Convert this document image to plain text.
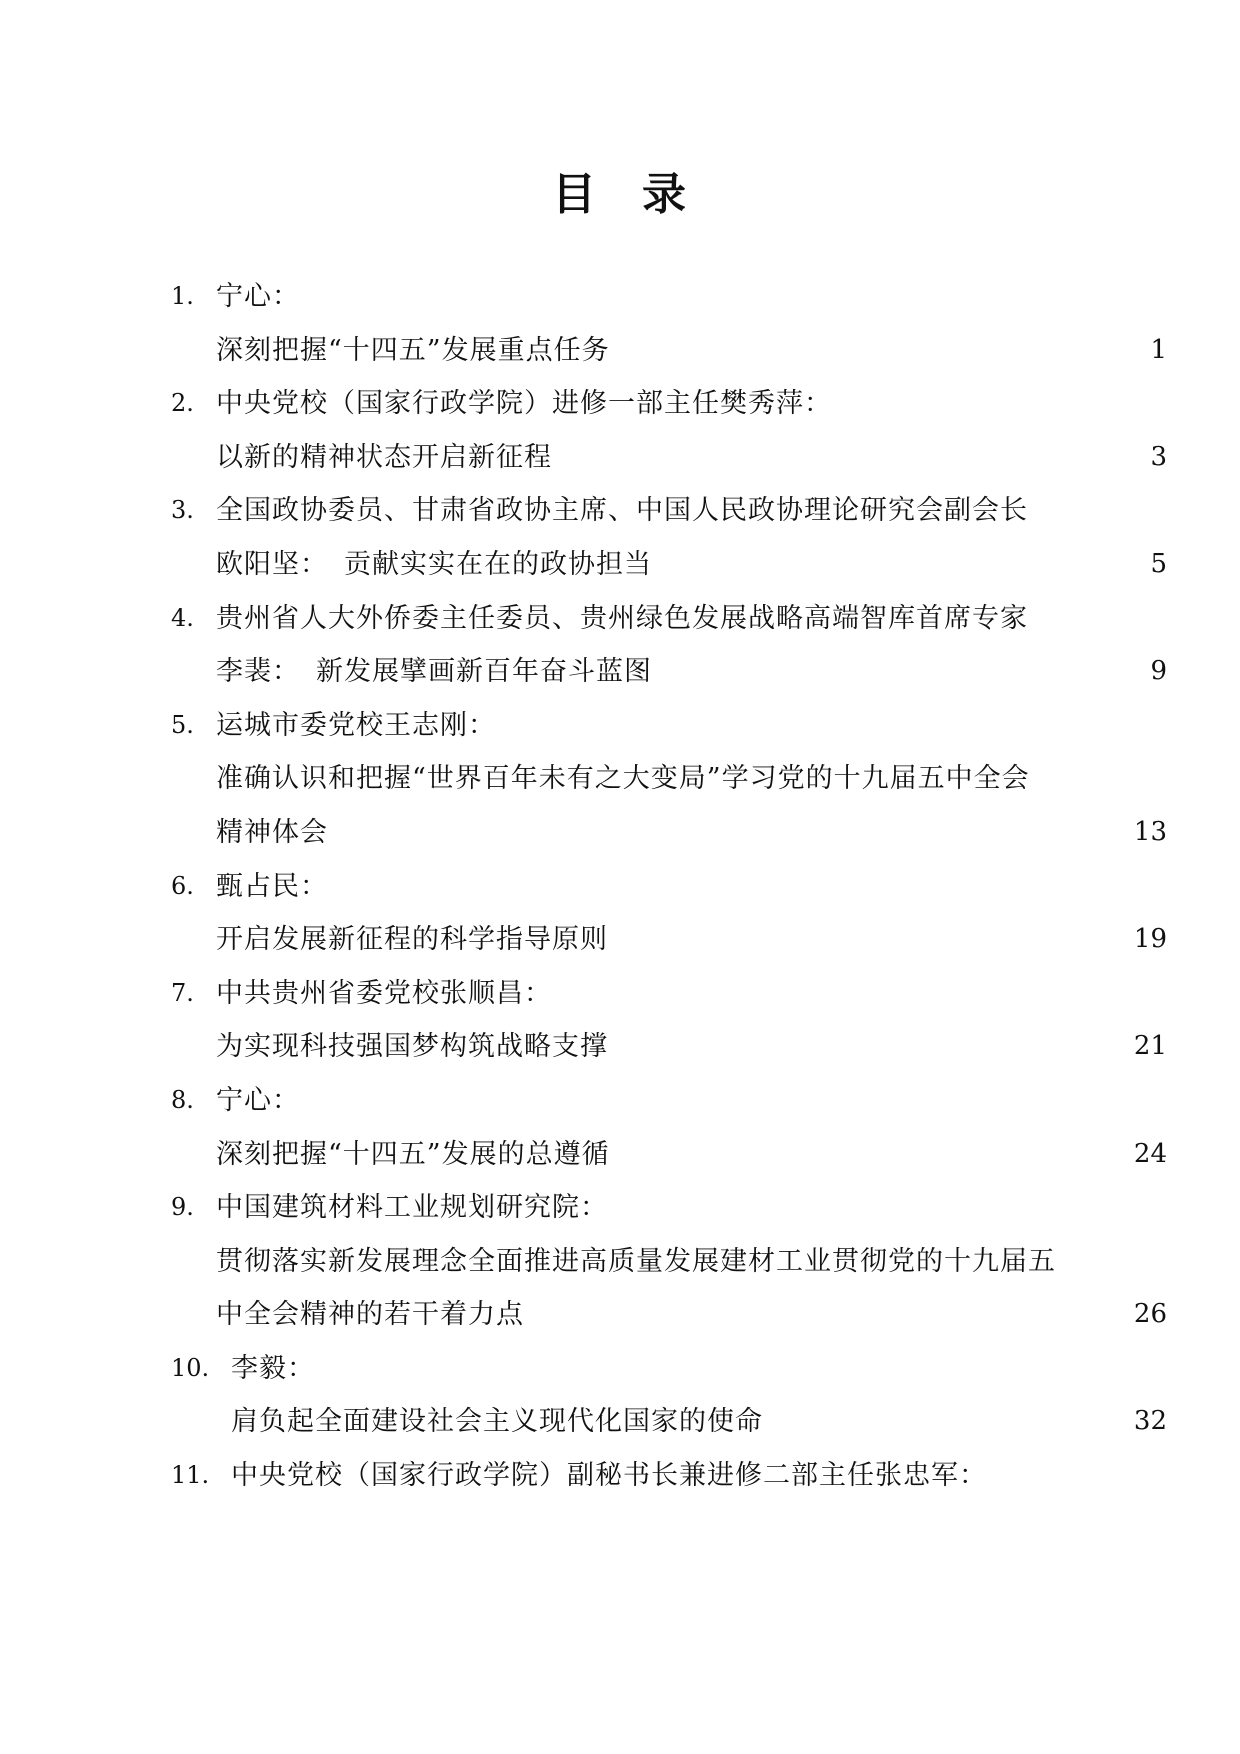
目 录
1. 宁心：
深刻把握“十四五”发展重点任务	1
2. 中央党校（国家行政学院）进修一部主任樊秀萍：
以新的精神状态开启新征程	3
3. 全国政协委员、甘肃省政协主席、中国人民政协理论研究会副会长
欧阳坚： 贡献实实在在的政协担当	5
4. 贵州省人大外侨委主任委员、贵州绿色发展战略高端智库首席专家
李裴： 新发展擘画新百年奋斗蓝图	9
5. 运城市委党校王志刚：
准确认识和把握“世界百年未有之大变局”学习党的十九届五中全会
精神体会	13
6. 甄占民：
开启发展新征程的科学指导原则	19
7. 中共贵州省委党校张顺昌：
为实现科技强国梦构筑战略支撑	21
8. 宁心：
深刻把握“十四五”发展的总遵循	24
9. 中国建筑材料工业规划研究院：
贯彻落实新发展理念全面推进高质量发展建材工业贯彻党的十九届五
中全会精神的若干着力点	26
10. 李毅：
肩负起全面建设社会主义现代化国家的使命	32
11. 中央党校（国家行政学院）副秘书长兼进修二部主任张忠军：
